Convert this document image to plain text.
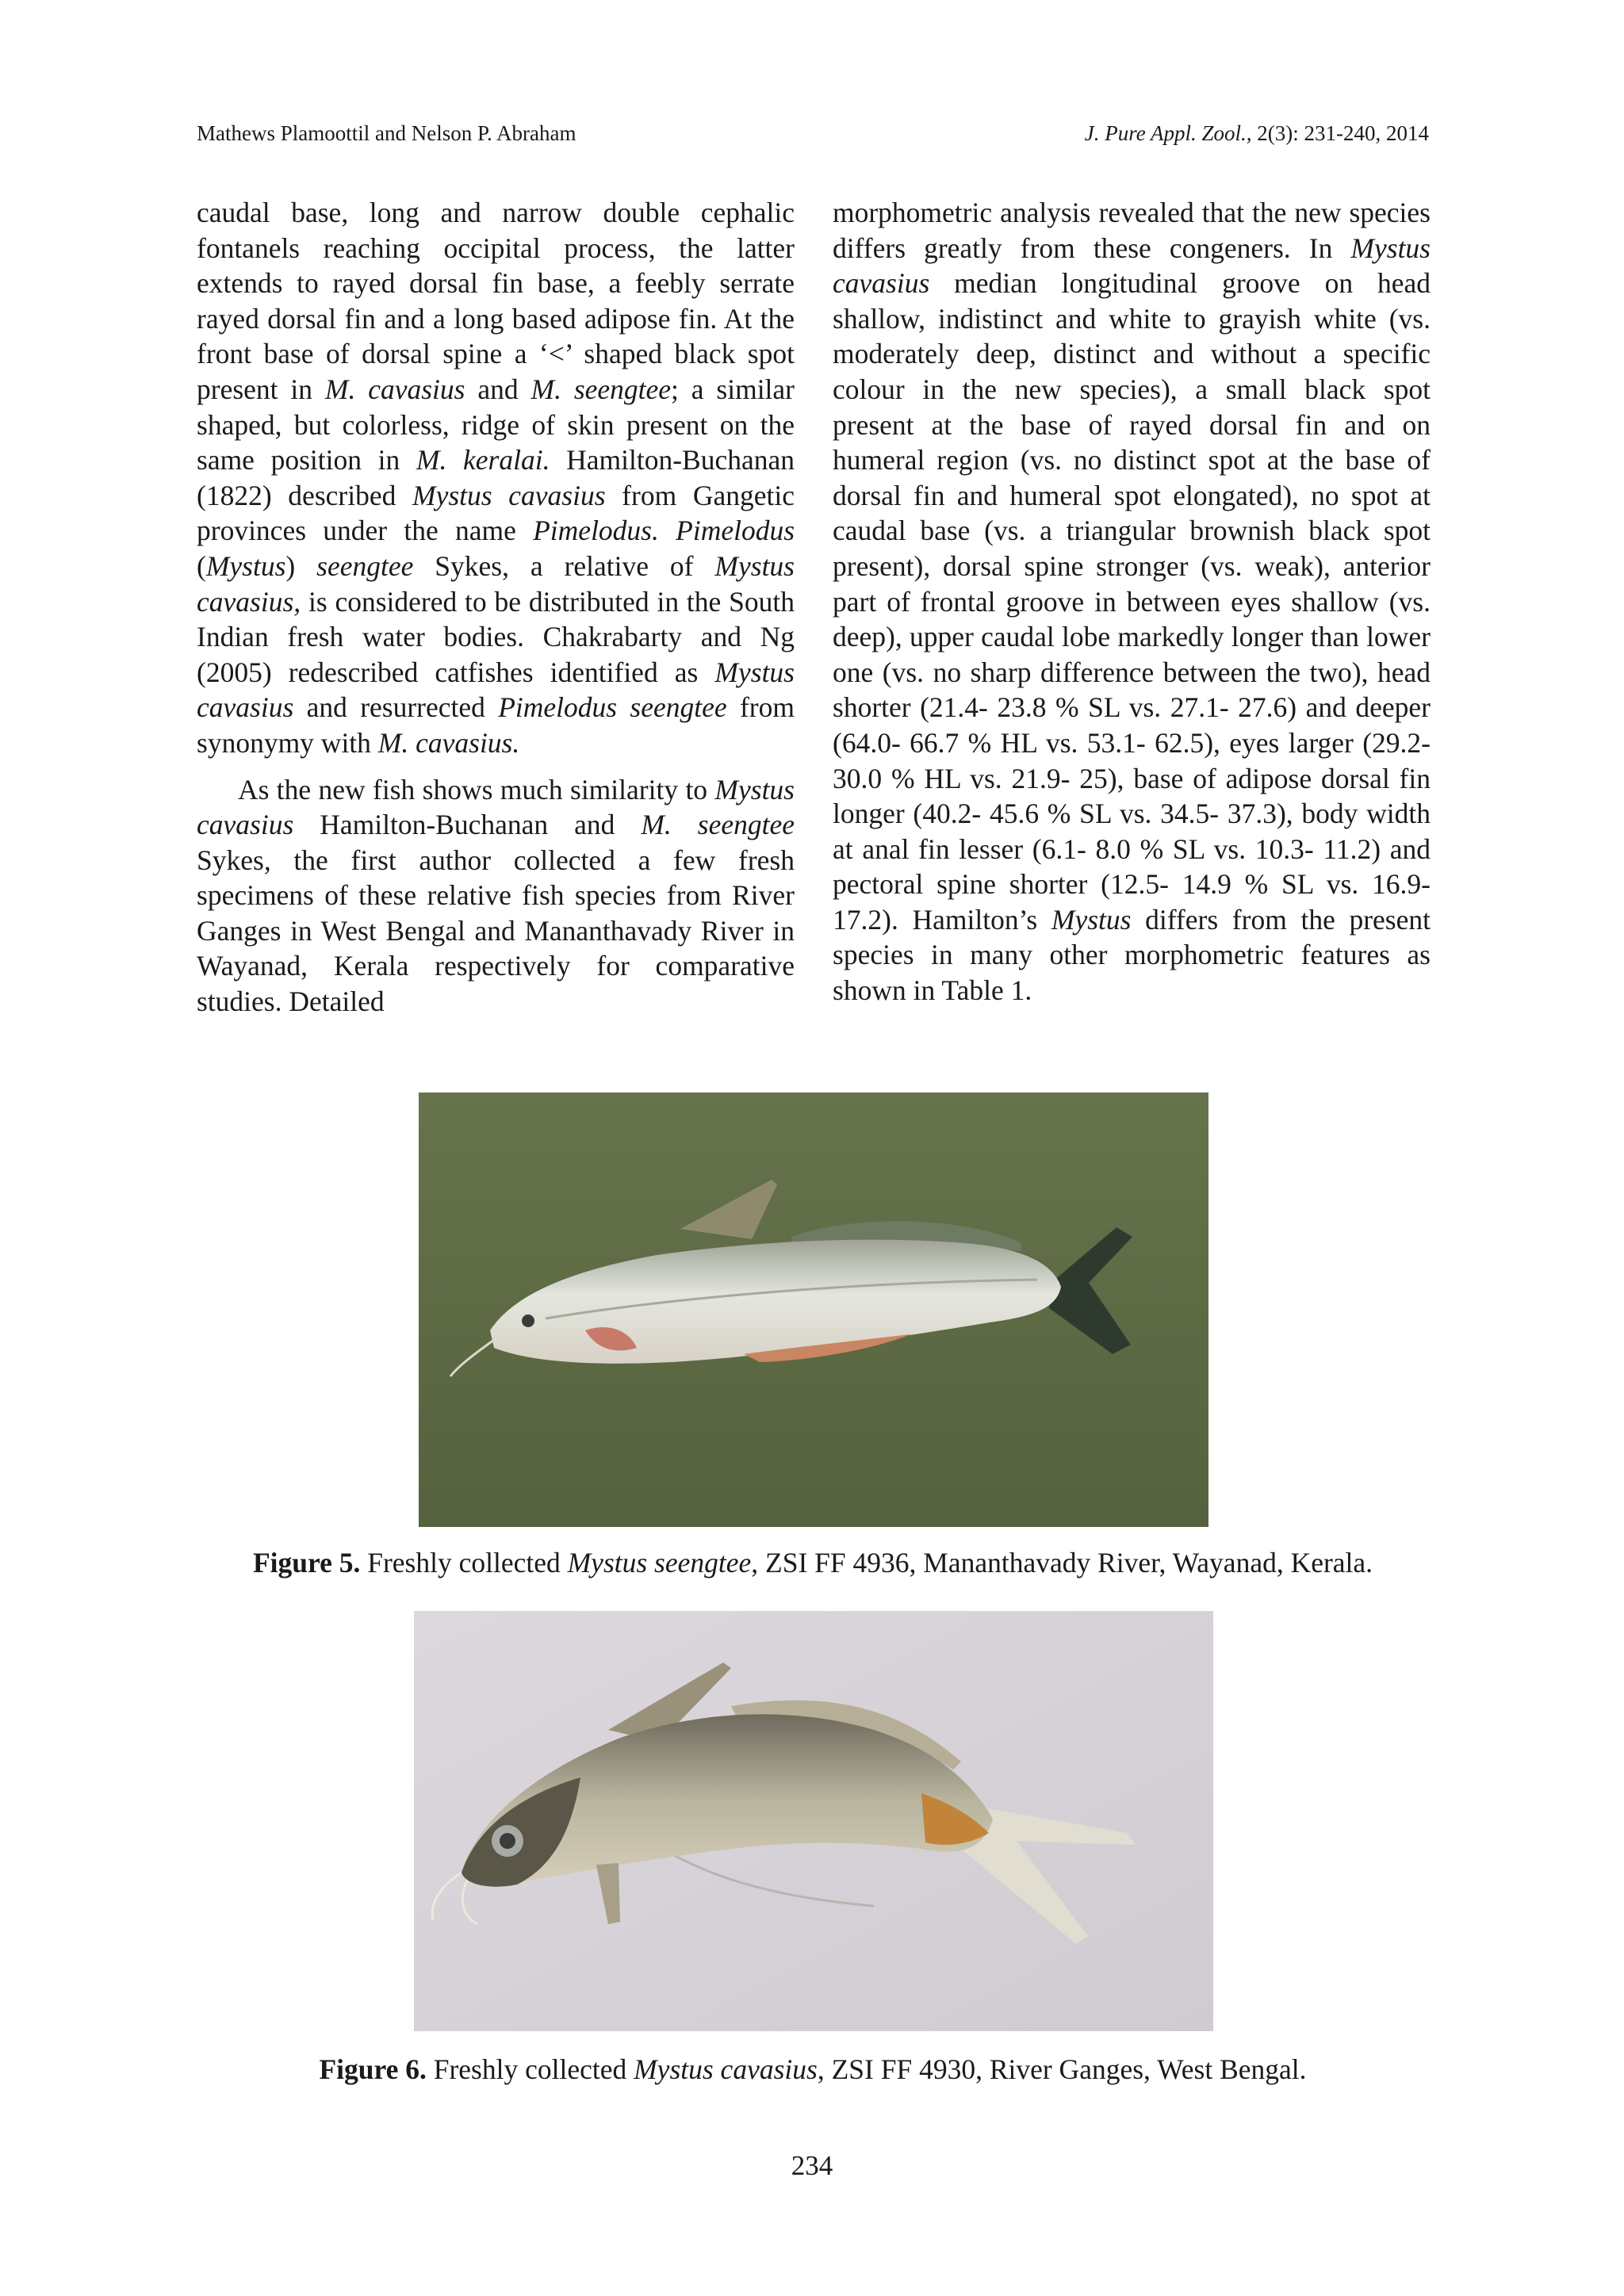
Mathews Plamoottil and Nelson P. Abraham	J. Pure Appl. Zool., 2(3): 231-240, 2014

caudal base, long and narrow double cephalic fontanels reaching occipital process, the latter extends to rayed dorsal fin base, a feebly serrate rayed dorsal fin and a long based adipose fin. At the front base of dorsal spine a ‘<’ shaped black spot present in M. cavasius and M. seengtee; a similar shaped, but colorless, ridge of skin present on the same position in M. keralai. Hamilton-Buchanan (1822) described Mystus cavasius from Gangetic provinces under the name Pimelodus. Pimelodus (Mystus) seengtee Sykes, a relative of Mystus cavasius, is considered to be distributed in the South Indian fresh water bodies. Chakrabarty and Ng (2005) redescribed catfishes identified as Mystus cavasius and resurrected Pimelodus seengtee from synonymy with M. cavasius.

As the new fish shows much similarity to Mystus cavasius Hamilton-Buchanan and M. seengtee Sykes, the first author collected a few fresh specimens of these relative fish species from River Ganges in West Bengal and Mananthavady River in Wayanad, Kerala respectively for comparative studies. Detailed

morphometric analysis revealed that the new species differs greatly from these congeners. In Mystus cavasius median longitudinal groove on head shallow, indistinct and white to grayish white (vs. moderately deep, distinct and without a specific colour in the new species), a small black spot present at the base of rayed dorsal fin and on humeral region (vs. no distinct spot at the base of dorsal fin and humeral spot elongated), no spot at caudal base (vs. a triangular brownish black spot present), dorsal spine stronger (vs. weak), anterior part of frontal groove in between eyes shallow (vs. deep), upper caudal lobe markedly longer than lower one (vs. no sharp difference between the two), head shorter (21.4- 23.8 % SL vs. 27.1- 27.6) and deeper (64.0- 66.7 % HL vs. 53.1- 62.5), eyes larger (29.2- 30.0 % HL vs. 21.9- 25), base of adipose dorsal fin longer (40.2- 45.6 % SL vs. 34.5- 37.3), body width at anal fin lesser (6.1- 8.0 % SL vs. 10.3- 11.2) and pectoral spine shorter (12.5- 14.9 % SL vs. 16.9-17.2). Hamilton’s Mystus differs from the present species in many other morphometric features as shown in Table 1.

Figure 5. Freshly collected Mystus seengtee, ZSI FF 4936, Mananthavady River, Wayanad, Kerala.
Figure 6. Freshly collected Mystus cavasius, ZSI FF 4930, River Ganges, West Bengal.
234
